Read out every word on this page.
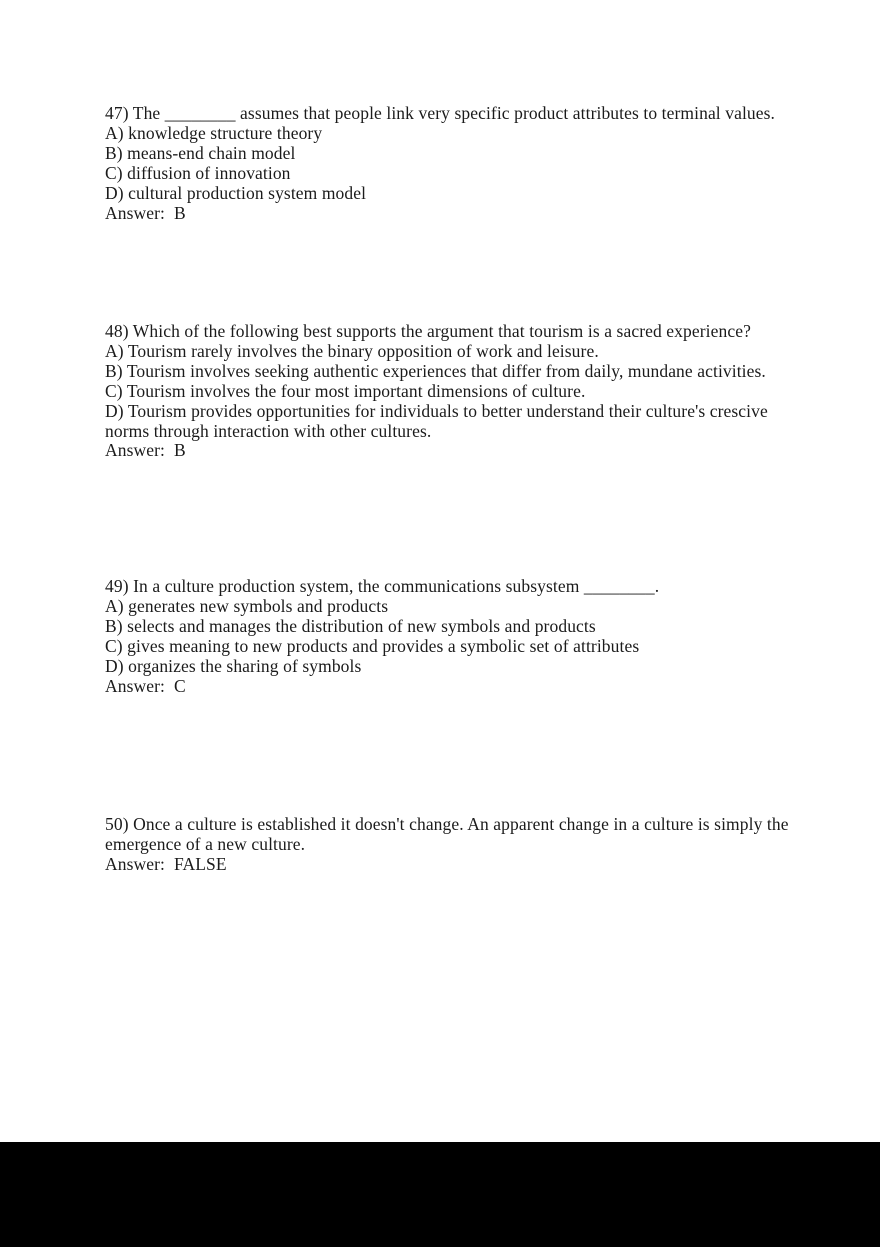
47) The ________ assumes that people link very specific product attributes to terminal values.
A) knowledge structure theory
B) means-end chain model
C) diffusion of innovation
D) cultural production system model
Answer:  B
48) Which of the following best supports the argument that tourism is a sacred experience?
A) Tourism rarely involves the binary opposition of work and leisure.
B) Tourism involves seeking authentic experiences that differ from daily, mundane activities.
C) Tourism involves the four most important dimensions of culture.
D) Tourism provides opportunities for individuals to better understand their culture's crescive
norms through interaction with other cultures.
Answer:  B
49) In a culture production system, the communications subsystem ________.
A) generates new symbols and products
B) selects and manages the distribution of new symbols and products
C) gives meaning to new products and provides a symbolic set of attributes
D) organizes the sharing of symbols
Answer:  C
50) Once a culture is established it doesn't change. An apparent change in a culture is simply the
emergence of a new culture.
Answer:  FALSE
